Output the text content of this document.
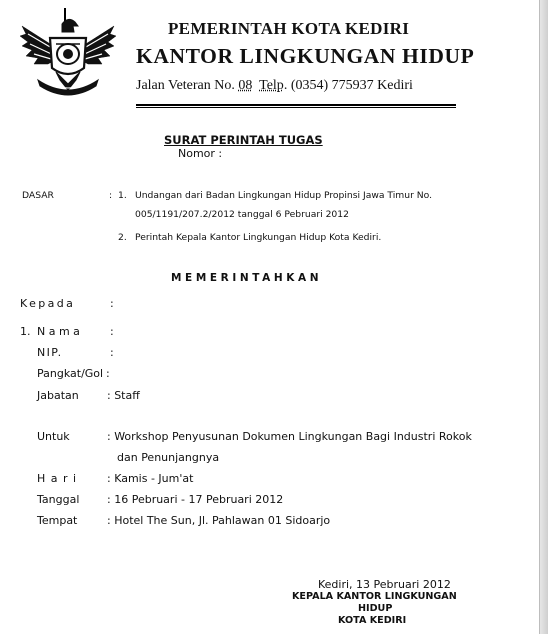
PEMERINTAH KOTA KEDIRI
KANTOR LINGKUNGAN HIDUP
Jalan Veteran No. 08 Telp. (0354) 775937 Kediri
SURAT PERINTAH TUGAS
Nomor :
DASAR	: 1. Undangan dari Badan Lingkungan Hidup Propinsi Jawa Timur No.
005/1191/207.2/2012 tanggal 6 Pebruari 2012
2. Perintah Kepala Kantor Lingkungan Hidup Kota Kediri.
MEMERINTAHKAN
Kepada	:
1. N a m a	:
NIP.	:
Pangkat/Gol :
Jabatan	: Staff
Untuk	: Workshop Penyusunan Dokumen Lingkungan Bagi Industri Rokok
dan Penunjangnya
H a r i	: Kamis - Jum'at
Tanggal	: 16 Pebruari - 17 Pebruari 2012
Tempat	: Hotel The Sun, Jl. Pahlawan 01 Sidoarjo
Kediri, 13 Pebruari 2012
KEPALA KANTOR LINGKUNGAN
HIDUP
KOTA KEDIRI
